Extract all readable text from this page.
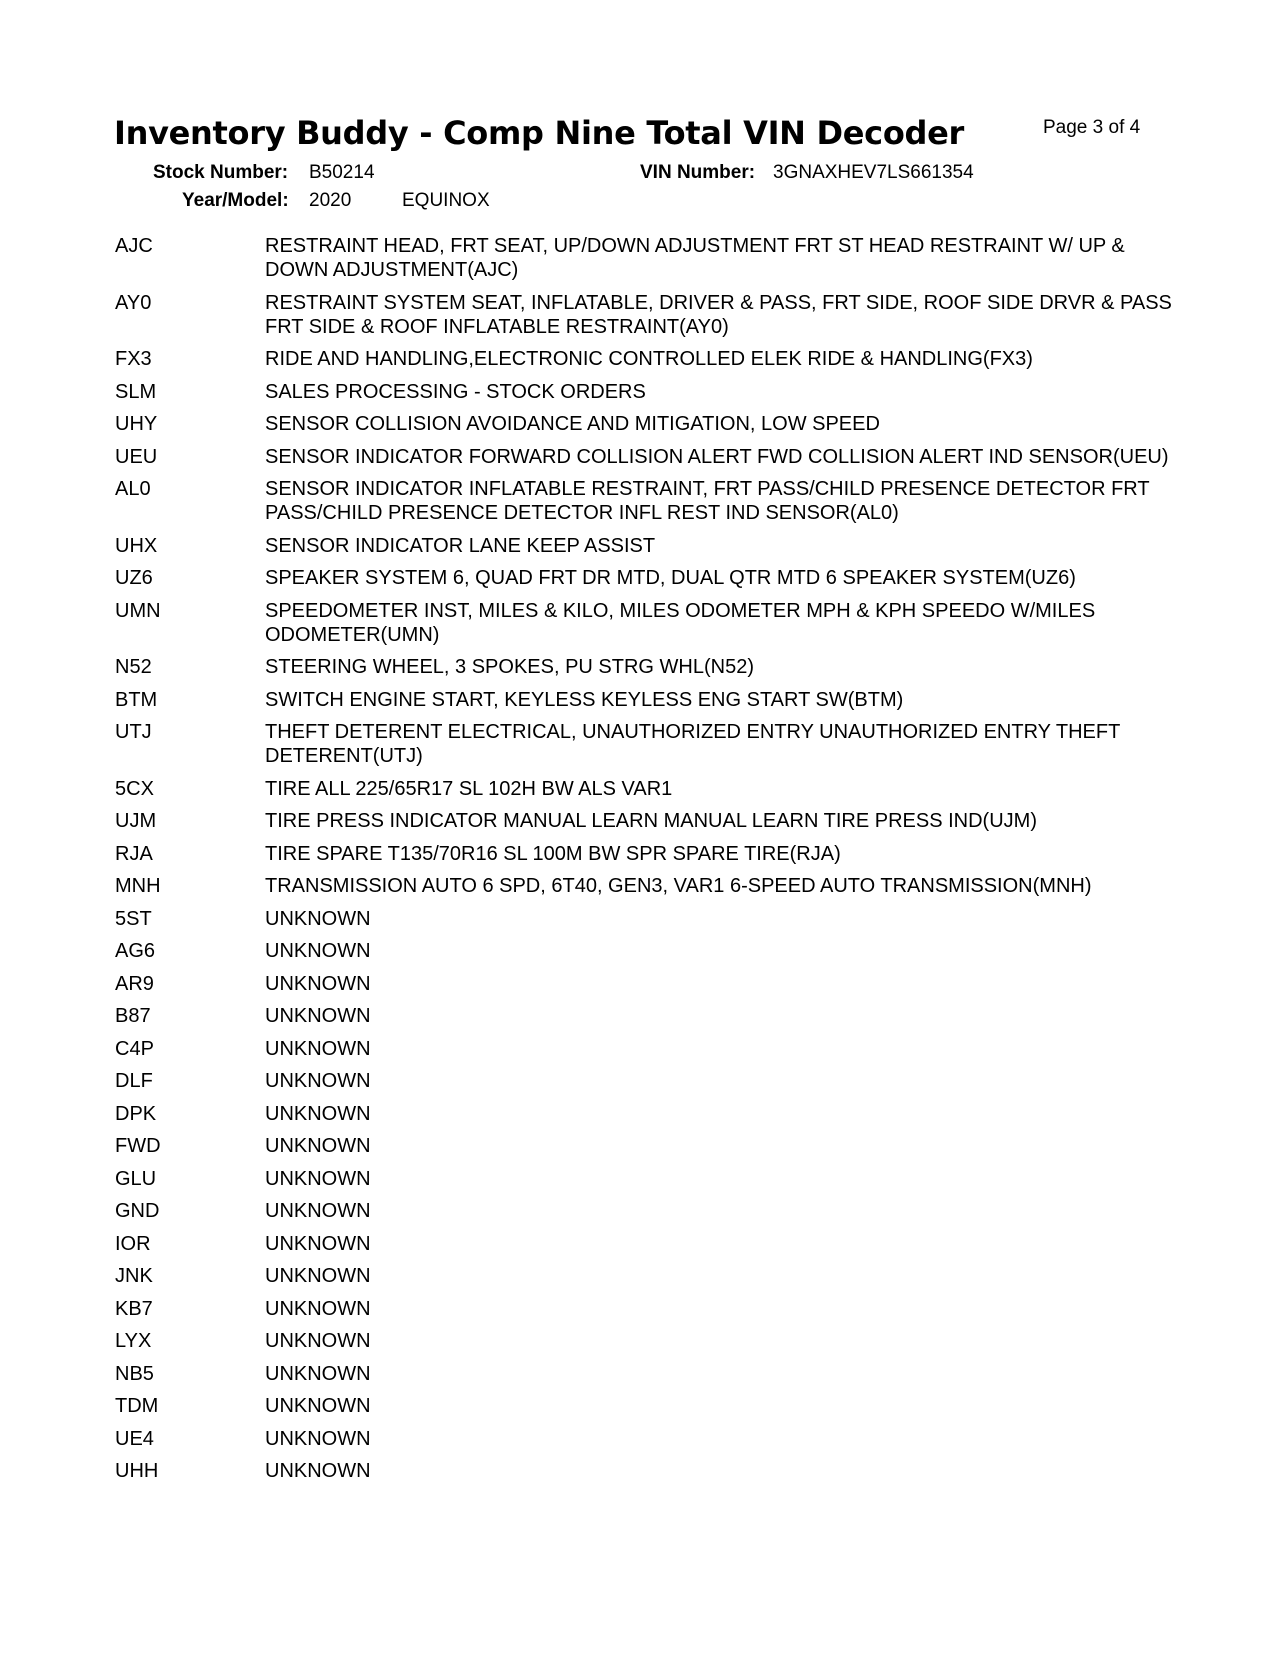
Inventory Buddy - Comp Nine Total VIN Decoder	Page 3 of 4
Stock Number: B50214	VIN Number: 3GNAXHEV7LS661354
Year/Model: 2020	EQUINOX
AJC	RESTRAINT HEAD, FRT SEAT, UP/DOWN ADJUSTMENT FRT ST HEAD RESTRAINT W/ UP & DOWN ADJUSTMENT(AJC)
AY0	RESTRAINT SYSTEM SEAT, INFLATABLE, DRIVER & PASS, FRT SIDE, ROOF SIDE DRVR & PASS FRT SIDE & ROOF INFLATABLE RESTRAINT(AY0)
FX3	RIDE AND HANDLING,ELECTRONIC CONTROLLED ELEK RIDE & HANDLING(FX3)
SLM	SALES PROCESSING - STOCK ORDERS
UHY	SENSOR COLLISION AVOIDANCE AND MITIGATION, LOW SPEED
UEU	SENSOR INDICATOR FORWARD COLLISION ALERT FWD COLLISION ALERT IND SENSOR(UEU)
AL0	SENSOR INDICATOR INFLATABLE RESTRAINT, FRT PASS/CHILD PRESENCE DETECTOR FRT PASS/CHILD PRESENCE DETECTOR INFL REST IND SENSOR(AL0)
UHX	SENSOR INDICATOR LANE KEEP ASSIST
UZ6	SPEAKER SYSTEM 6, QUAD FRT DR MTD, DUAL QTR MTD 6 SPEAKER SYSTEM(UZ6)
UMN	SPEEDOMETER INST, MILES & KILO, MILES ODOMETER MPH & KPH SPEEDO W/MILES ODOMETER(UMN)
N52	STEERING WHEEL, 3 SPOKES, PU STRG WHL(N52)
BTM	SWITCH ENGINE START, KEYLESS KEYLESS ENG START SW(BTM)
UTJ	THEFT DETERENT ELECTRICAL, UNAUTHORIZED ENTRY UNAUTHORIZED ENTRY THEFT DETERENT(UTJ)
5CX	TIRE ALL 225/65R17 SL 102H BW ALS VAR1
UJM	TIRE PRESS INDICATOR MANUAL LEARN MANUAL LEARN TIRE PRESS IND(UJM)
RJA	TIRE SPARE T135/70R16 SL 100M BW SPR SPARE TIRE(RJA)
MNH	TRANSMISSION AUTO 6 SPD, 6T40, GEN3, VAR1 6-SPEED AUTO TRANSMISSION(MNH)
5ST	UNKNOWN
AG6	UNKNOWN
AR9	UNKNOWN
B87	UNKNOWN
C4P	UNKNOWN
DLF	UNKNOWN
DPK	UNKNOWN
FWD	UNKNOWN
GLU	UNKNOWN
GND	UNKNOWN
IOR	UNKNOWN
JNK	UNKNOWN
KB7	UNKNOWN
LYX	UNKNOWN
NB5	UNKNOWN
TDM	UNKNOWN
UE4	UNKNOWN
UHH	UNKNOWN
